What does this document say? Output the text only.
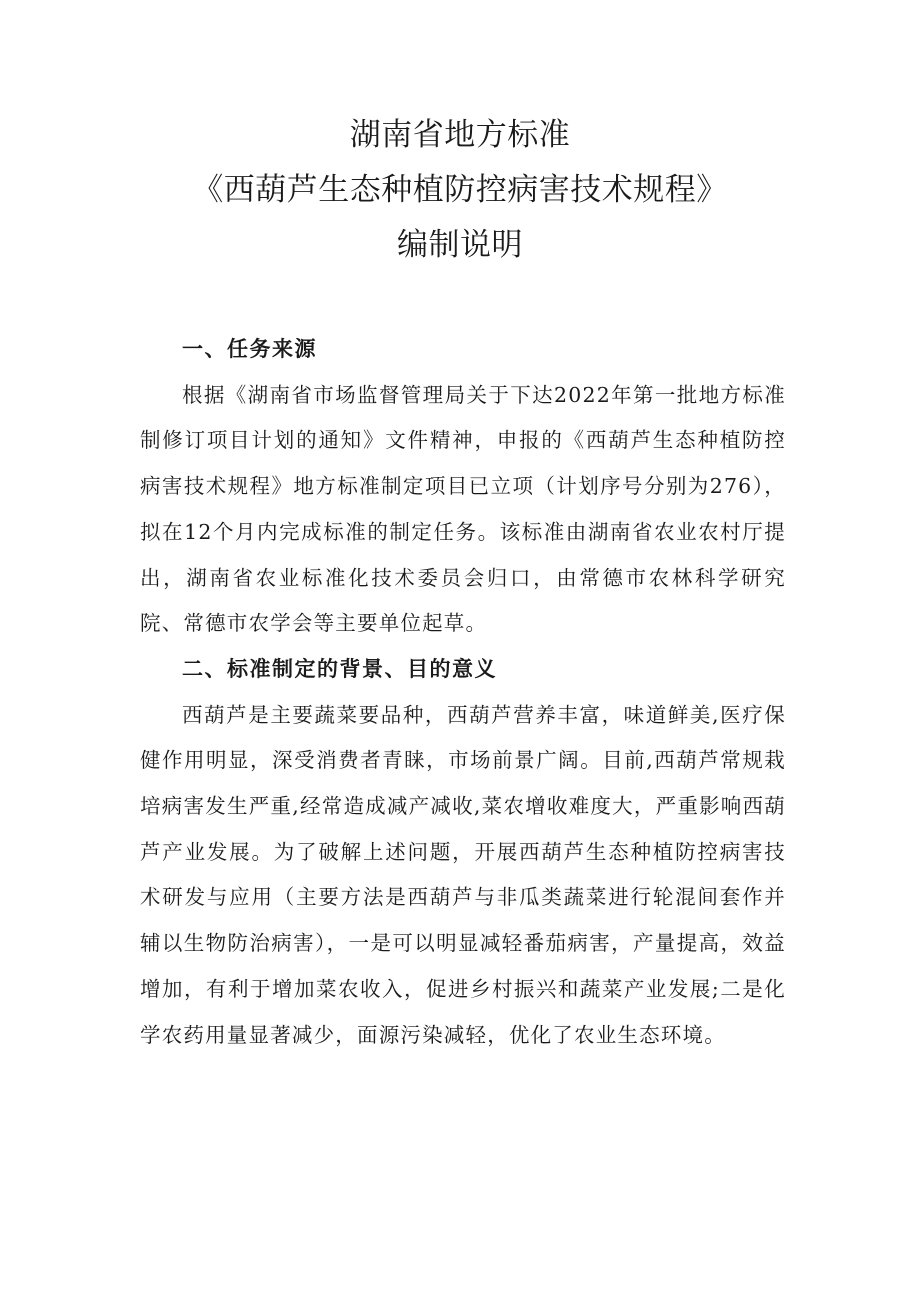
湖南省地方标准
《西葫芦生态种植防控病害技术规程》
编制说明
一、任务来源

根据《湖南省市场监督管理局关于下达2022年第一批地方标准制修订项目计划的通知》文件精神，申报的《西葫芦生态种植防控病害技术规程》地方标准制定项目已立项（计划序号分别为276），拟在12个月内完成标准的制定任务。该标准由湖南省农业农村厅提出，湖南省农业标准化技术委员会归口，由常德市农林科学研究院、常德市农学会等主要单位起草。

二、标准制定的背景、目的意义

西葫芦是主要蔬菜要品种，西葫芦营养丰富，味道鲜美,医疗保健作用明显，深受消费者青睐，市场前景广阔。目前,西葫芦常规栽培病害发生严重,经常造成减产减收,菜农增收难度大，严重影响西葫芦产业发展。为了破解上述问题，开展西葫芦生态种植防控病害技术研发与应用（主要方法是西葫芦与非瓜类蔬菜进行轮混间套作并辅以生物防治病害），一是可以明显减轻番茄病害，产量提高，效益增加，有利于增加菜农收入，促进乡村振兴和蔬菜产业发展;二是化学农药用量显著减少，面源污染减轻，优化了农业生态环境。
